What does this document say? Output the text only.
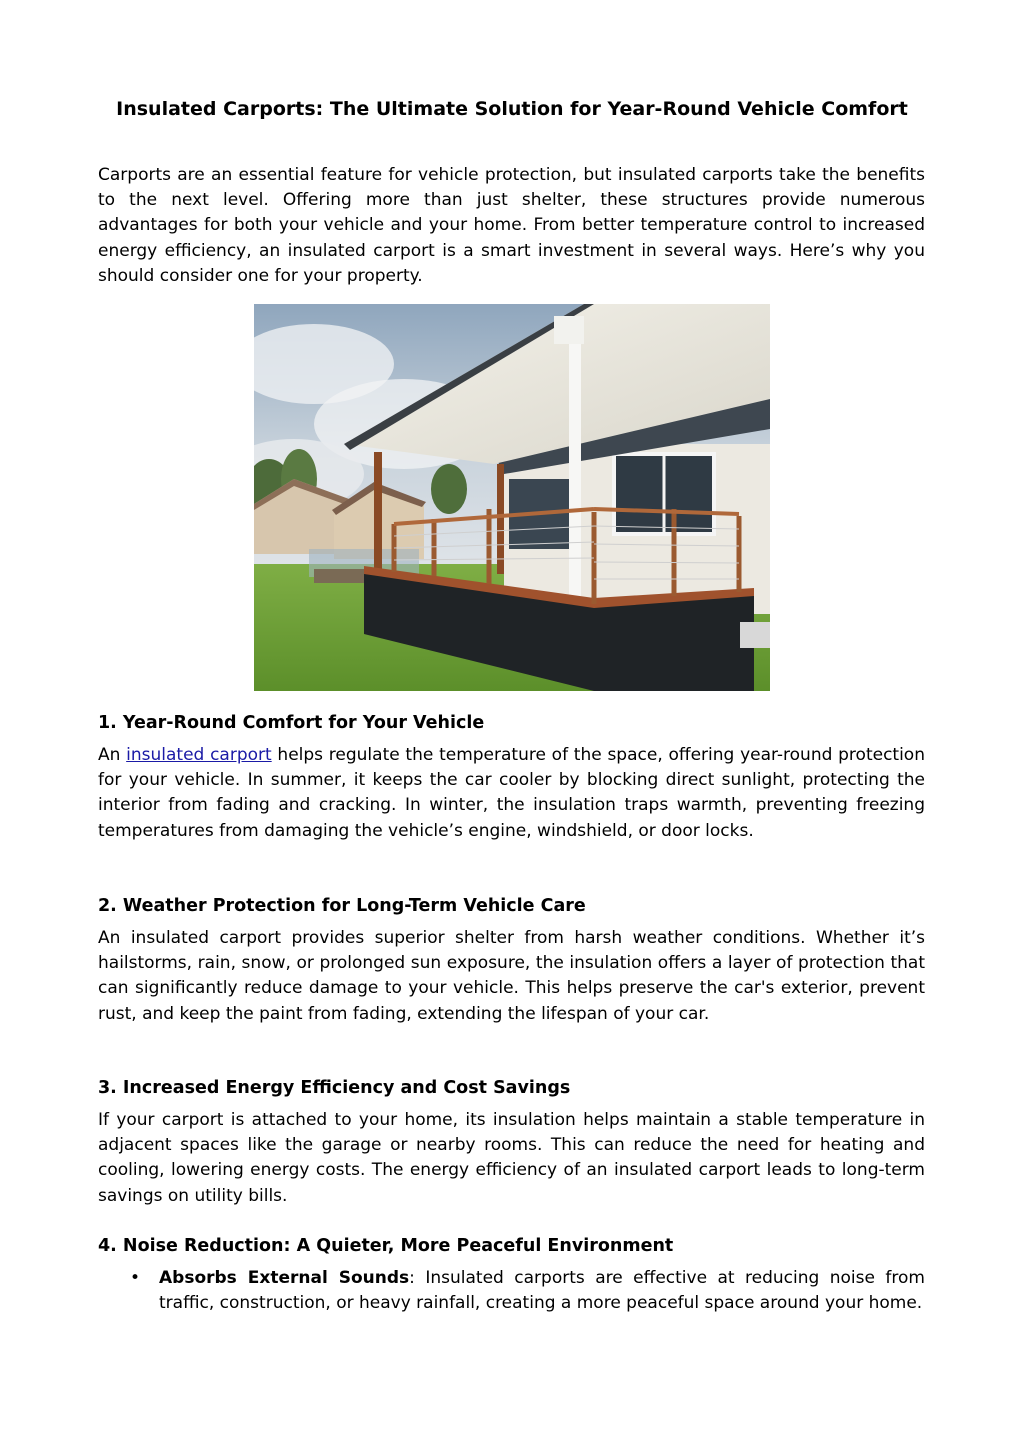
Insulated Carports: The Ultimate Solution for Year-Round Vehicle Comfort

Carports are an essential feature for vehicle protection, but insulated carports take the benefits to the next level. Offering more than just shelter, these structures provide numerous advantages for both your vehicle and your home. From better temperature control to increased energy efficiency, an insulated carport is a smart investment in several ways. Here’s why you should consider one for your property.

1. Year-Round Comfort for Your Vehicle

An insulated carport helps regulate the temperature of the space, offering year-round protection for your vehicle. In summer, it keeps the car cooler by blocking direct sunlight, protecting the interior from fading and cracking. In winter, the insulation traps warmth, preventing freezing temperatures from damaging the vehicle’s engine, windshield, or door locks.

2. Weather Protection for Long-Term Vehicle Care

An insulated carport provides superior shelter from harsh weather conditions. Whether it’s hailstorms, rain, snow, or prolonged sun exposure, the insulation offers a layer of protection that can significantly reduce damage to your vehicle. This helps preserve the car's exterior, prevent rust, and keep the paint from fading, extending the lifespan of your car.

3. Increased Energy Efficiency and Cost Savings

If your carport is attached to your home, its insulation helps maintain a stable temperature in adjacent spaces like the garage or nearby rooms. This can reduce the need for heating and cooling, lowering energy costs. The energy efficiency of an insulated carport leads to long-term savings on utility bills.

4. Noise Reduction: A Quieter, More Peaceful Environment
• Absorbs External Sounds: Insulated carports are effective at reducing noise from traffic, construction, or heavy rainfall, creating a more peaceful space around your home.
